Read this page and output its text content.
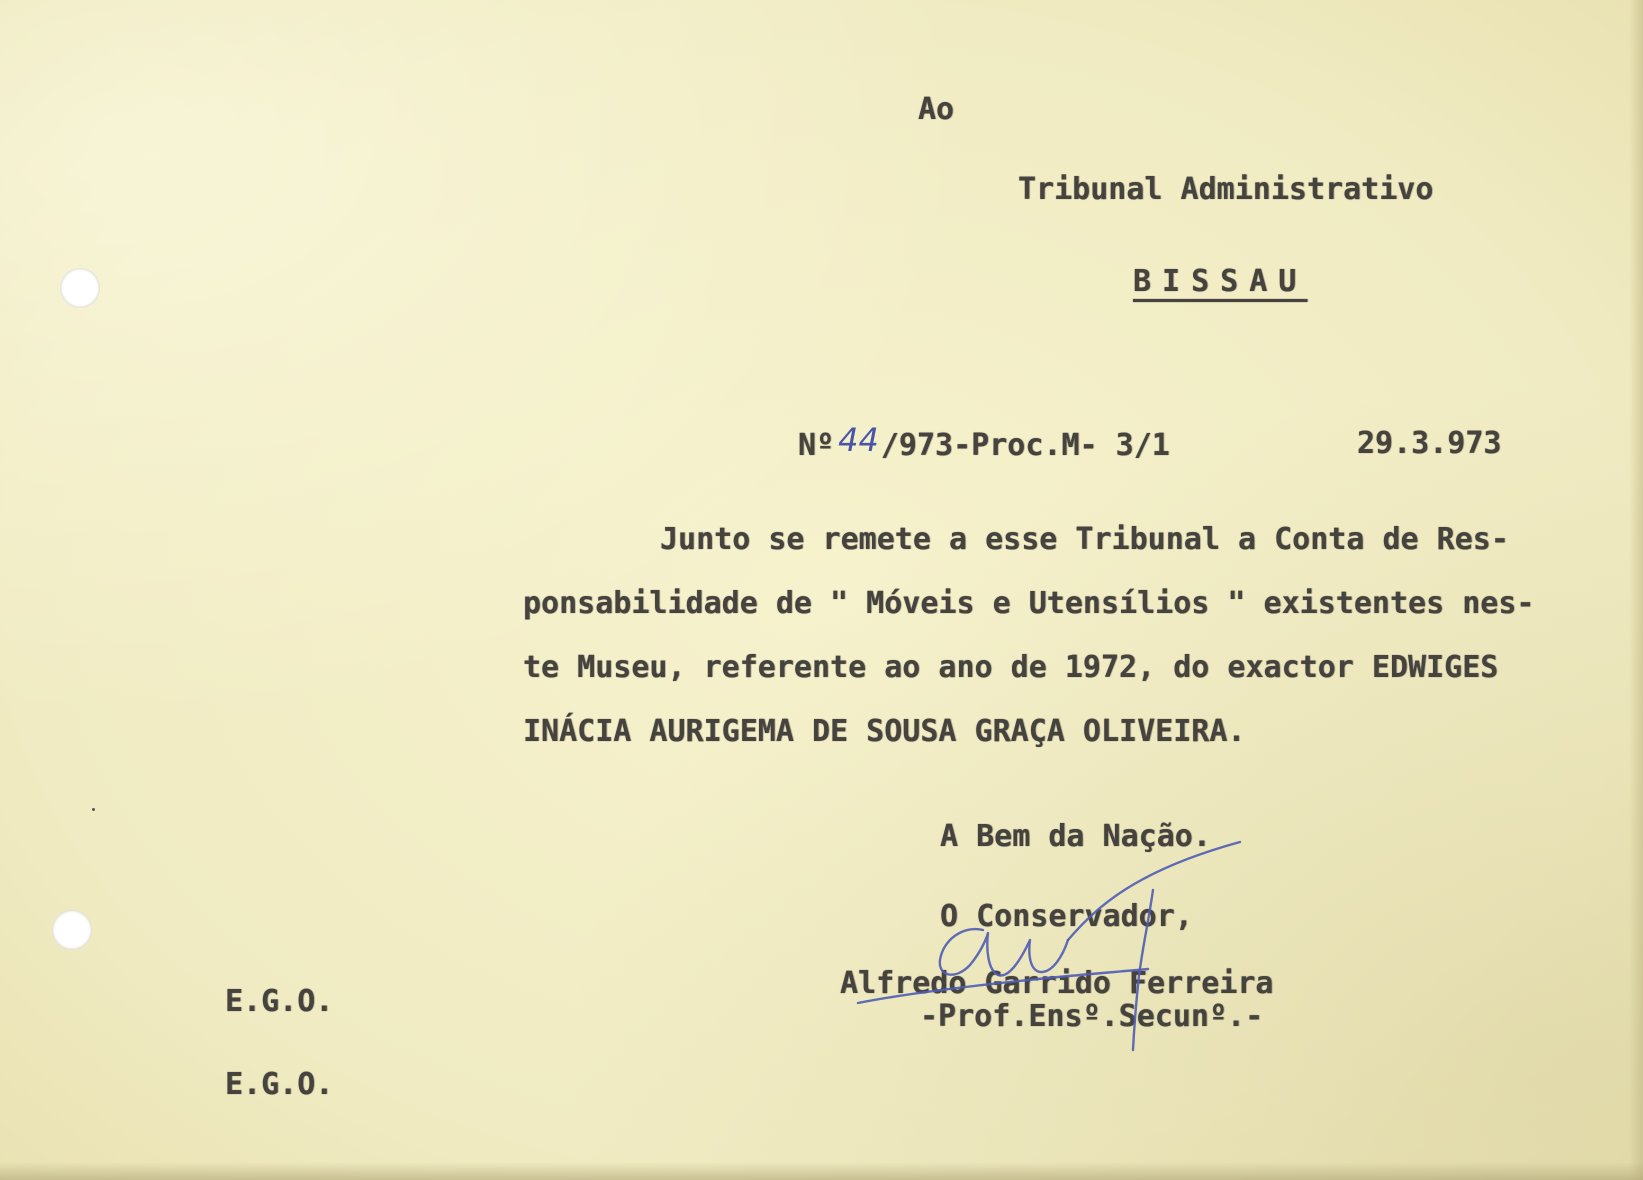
Ao

Tribunal Administrativo

BISSAU

Nº 44/973-Proc.M- 3/1	29.3.973

Junto se remete a esse Tribunal a Conta de Res-
ponsabilidade de " Móveis e Utensílios " existentes nes-
te Museu, referente ao ano de 1972, do exactor EDWIGES
INÁCIA AURIGEMA DE SOUSA GRAÇA OLIVEIRA.

A Bem da Nação.

O Conservador,

Alfredo Garrido Ferreira

-Prof.Ensº.Secunº.-

E.G.O.

E.G.O.
